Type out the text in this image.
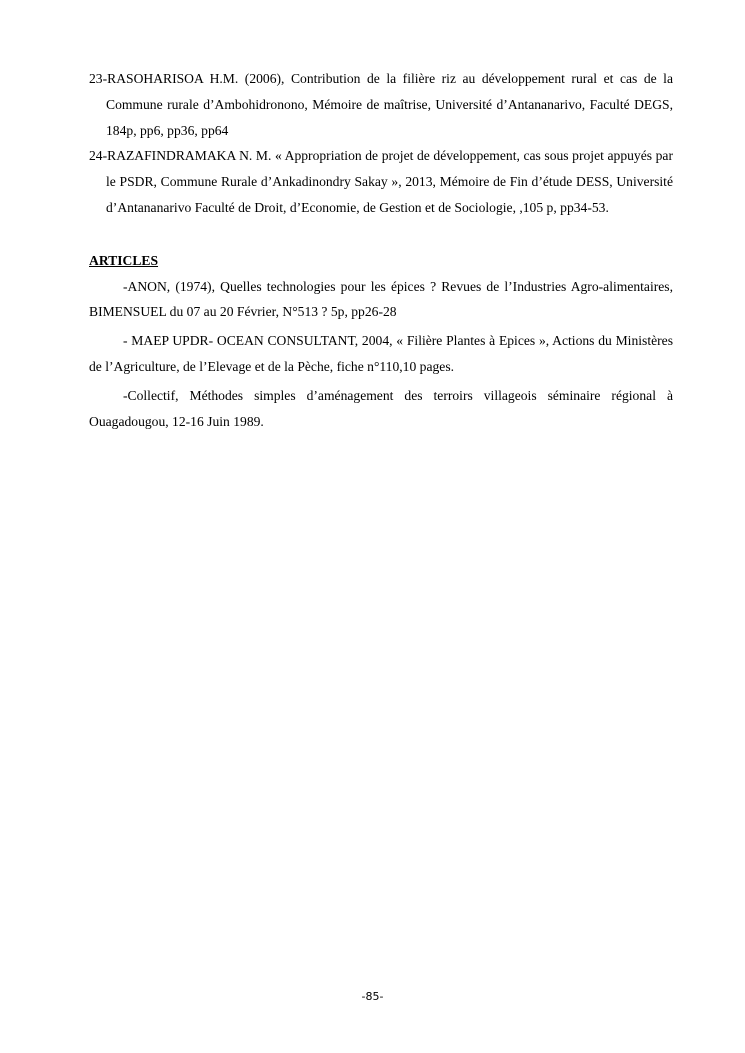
23-RASOHARISOA H.M. (2006), Contribution de la filière riz au développement rural et cas de la Commune rurale d’Ambohidronono, Mémoire de maîtrise, Université d’Antananarivo, Faculté DEGS, 184p, pp6, pp36, pp64

24-RAZAFINDRAMAKA N. M. « Appropriation de projet de développement, cas sous projet appuyés par le PSDR, Commune Rurale d’Ankadinondry Sakay », 2013, Mémoire de Fin d’étude DESS, Université d’Antananarivo Faculté de Droit, d’Economie, de Gestion et de Sociologie, ,105 p, pp34-53.

ARTICLES

-ANON, (1974), Quelles technologies pour les épices ? Revues de l’Industries Agro-alimentaires, BIMENSUEL du 07 au 20 Février, N°513 ? 5p, pp26-28

- MAEP UPDR- OCEAN CONSULTANT, 2004, « Filière Plantes à Epices », Actions du Ministères de l’Agriculture, de l’Elevage et de la Pèche, fiche n°110,10 pages.

-Collectif, Méthodes simples d’aménagement des terroirs villageois séminaire régional à Ouagadougou, 12-16 Juin 1989.

-85-
